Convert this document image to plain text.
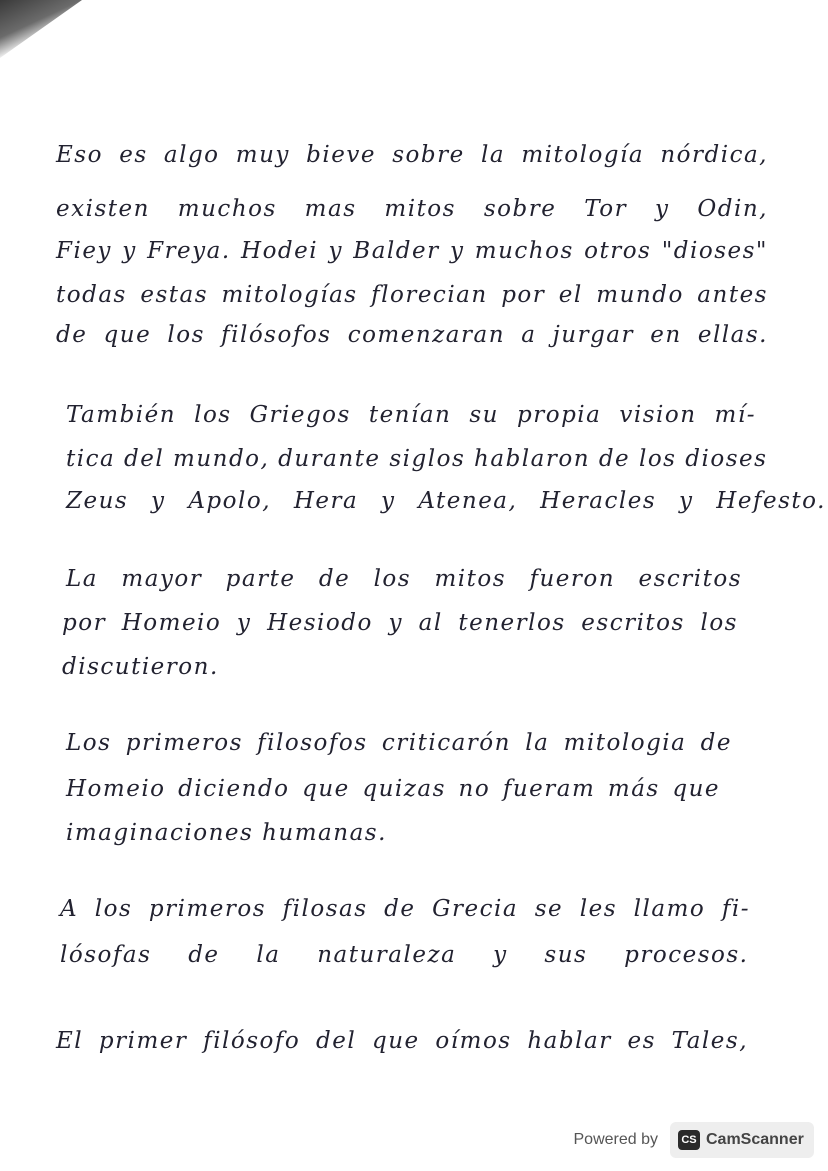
Eso es algo muy bieve sobre la mitología nórdica,
existen muchos mas mitos sobre Tor y Odin,
Fiey y Freya. Hodei y Balder y muchos otros "dioses"
todas estas mitologías florecian por el mundo antes
de que los filósofos comenzaran a jurgar en ellas.
También los Griegos tenían su propia vision mí-
tica del mundo, durante siglos hablaron de los dioses
Zeus y Apolo, Hera y Atenea, Heracles y Hefesto.
La mayor parte de los mitos fueron escritos
por Homeio y Hesiodo y al tenerlos escritos los
discutieron.
Los primeros filosofos criticarón la mitologia de
Homeio diciendo que quizas no fueram más que
imaginaciones humanas.
A los primeros filosas de Grecia se les llamo fi-
lósofas de la naturaleza y sus procesos.
El primer filósofo del que oímos hablar es Tales,
Powered by	CS CamScanner
